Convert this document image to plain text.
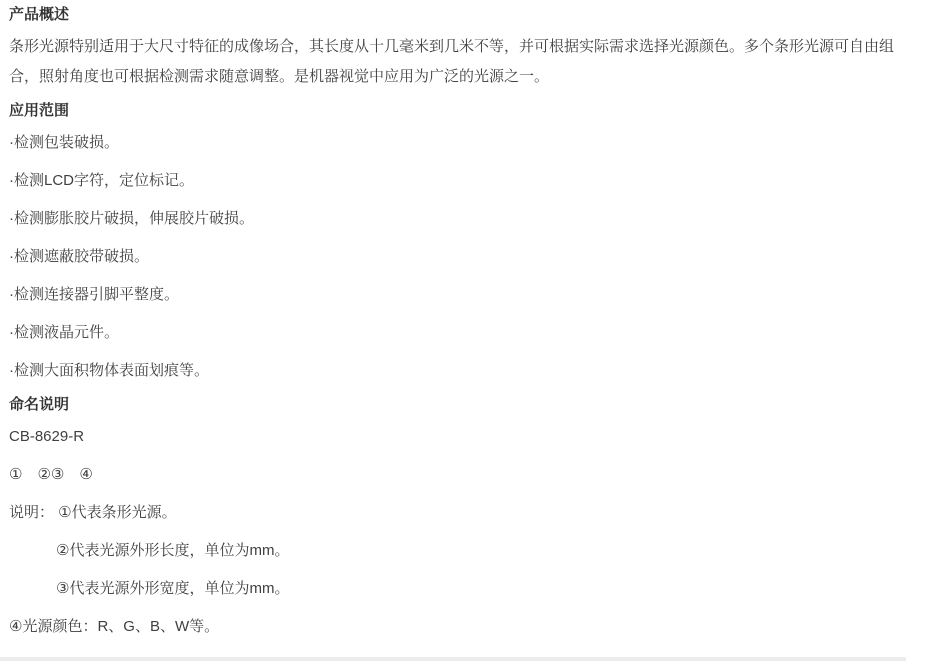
产品概述

条形光源特别适用于大尺寸特征的成像场合，其长度从十几毫米到几米不等，并可根据实际需求选择光源颜色。多个条形光源可自由组合，照射角度也可根据检测需求随意调整。是机器视觉中应用为广泛的光源之一。

应用范围

·检测包装破损。

·检测LCD字符，定位标记。

·检测膨胀胶片破损，伸展胶片破损。

·检测遮蔽胶带破损。

·检测连接器引脚平整度。

·检测液晶元件。

·检测大面积物体表面划痕等。

命名说明

CB-8629-R

①　②③　④

说明： ①代表条形光源。

②代表光源外形长度，单位为mm。

③代表光源外形宽度，单位为mm。

④光源颜色：R、G、B、W等。
